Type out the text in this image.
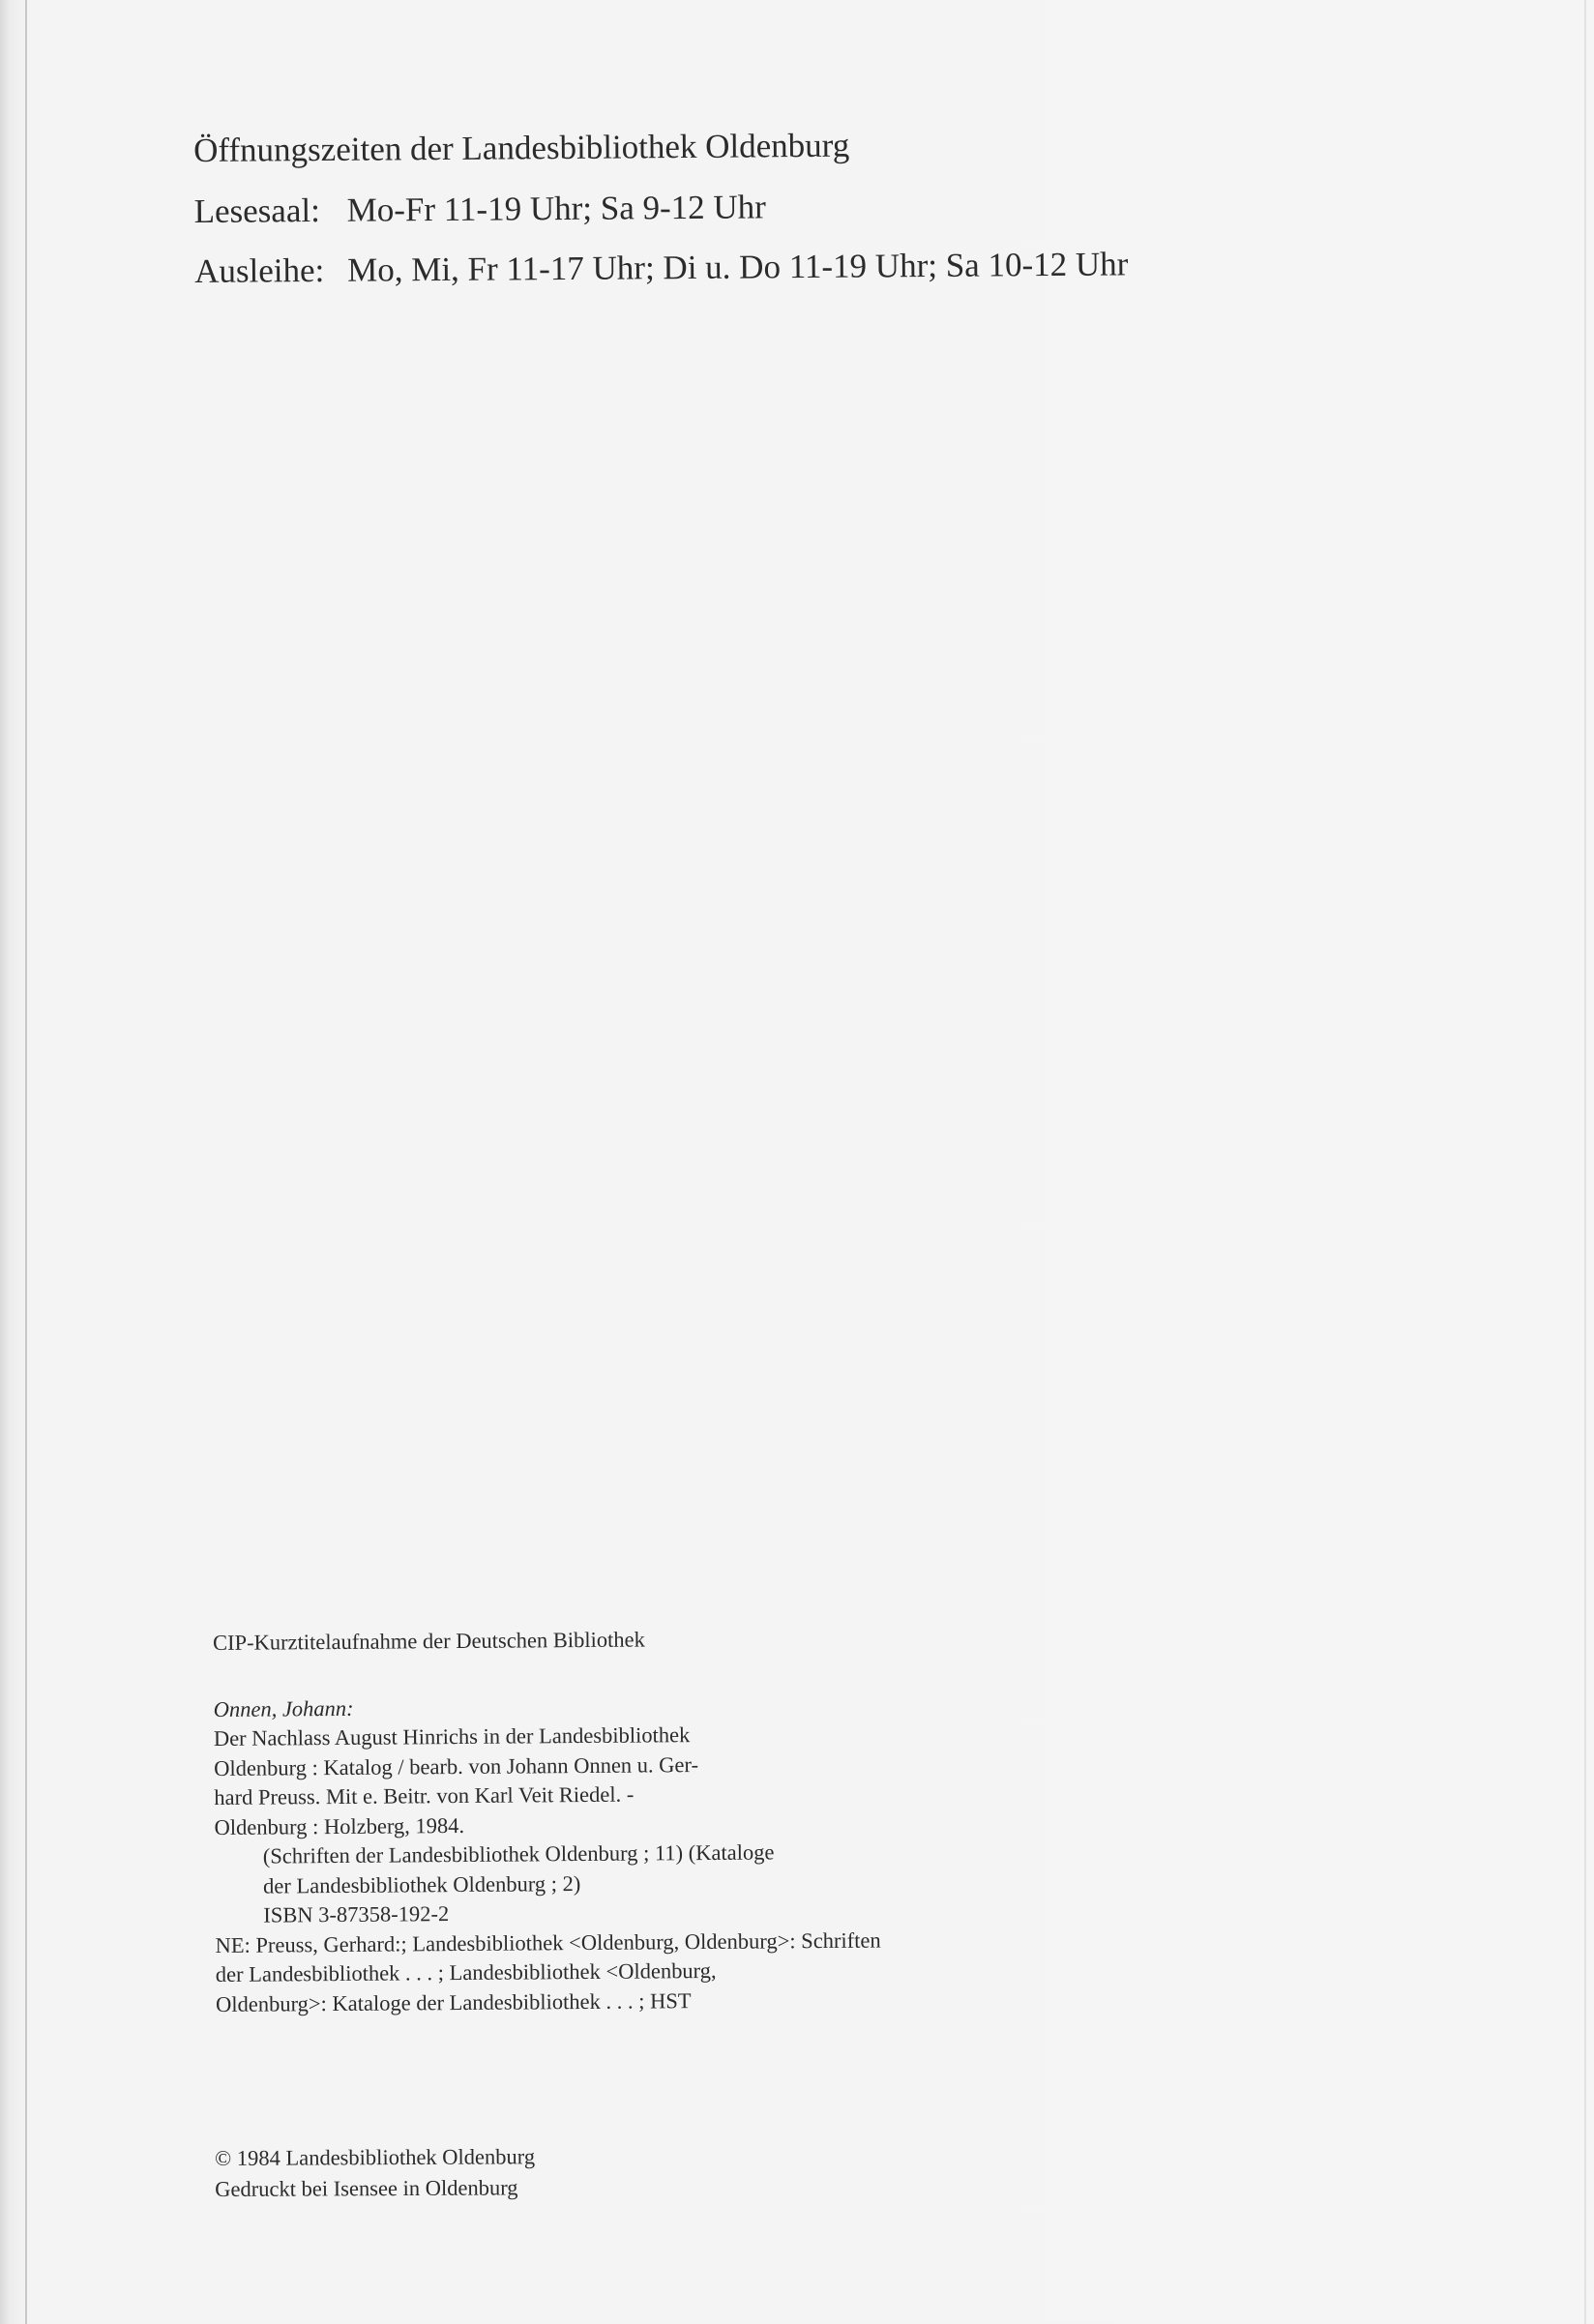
Öffnungszeiten der Landesbibliothek Oldenburg

Lesesaal: Mo-Fr 11-19 Uhr; Sa 9-12 Uhr

Ausleihe: Mo, Mi, Fr 11-17 Uhr; Di u. Do 11-19 Uhr; Sa 10-12 Uhr

CIP-Kurztitelaufnahme der Deutschen Bibliothek

Onnen, Johann:

Der Nachlass August Hinrichs in der Landesbibliothek

Oldenburg : Katalog / bearb. von Johann Onnen u. Ger-

hard Preuss. Mit e. Beitr. von Karl Veit Riedel. -

Oldenburg : Holzberg, 1984.

(Schriften der Landesbibliothek Oldenburg ; 11) (Kataloge

der Landesbibliothek Oldenburg ; 2)

ISBN 3-87358-192-2

NE: Preuss, Gerhard:; Landesbibliothek <Oldenburg, Oldenburg>: Schriften

der Landesbibliothek . . . ; Landesbibliothek <Oldenburg,

Oldenburg>: Kataloge der Landesbibliothek . . . ; HST

© 1984 Landesbibliothek Oldenburg

Gedruckt bei Isensee in Oldenburg
